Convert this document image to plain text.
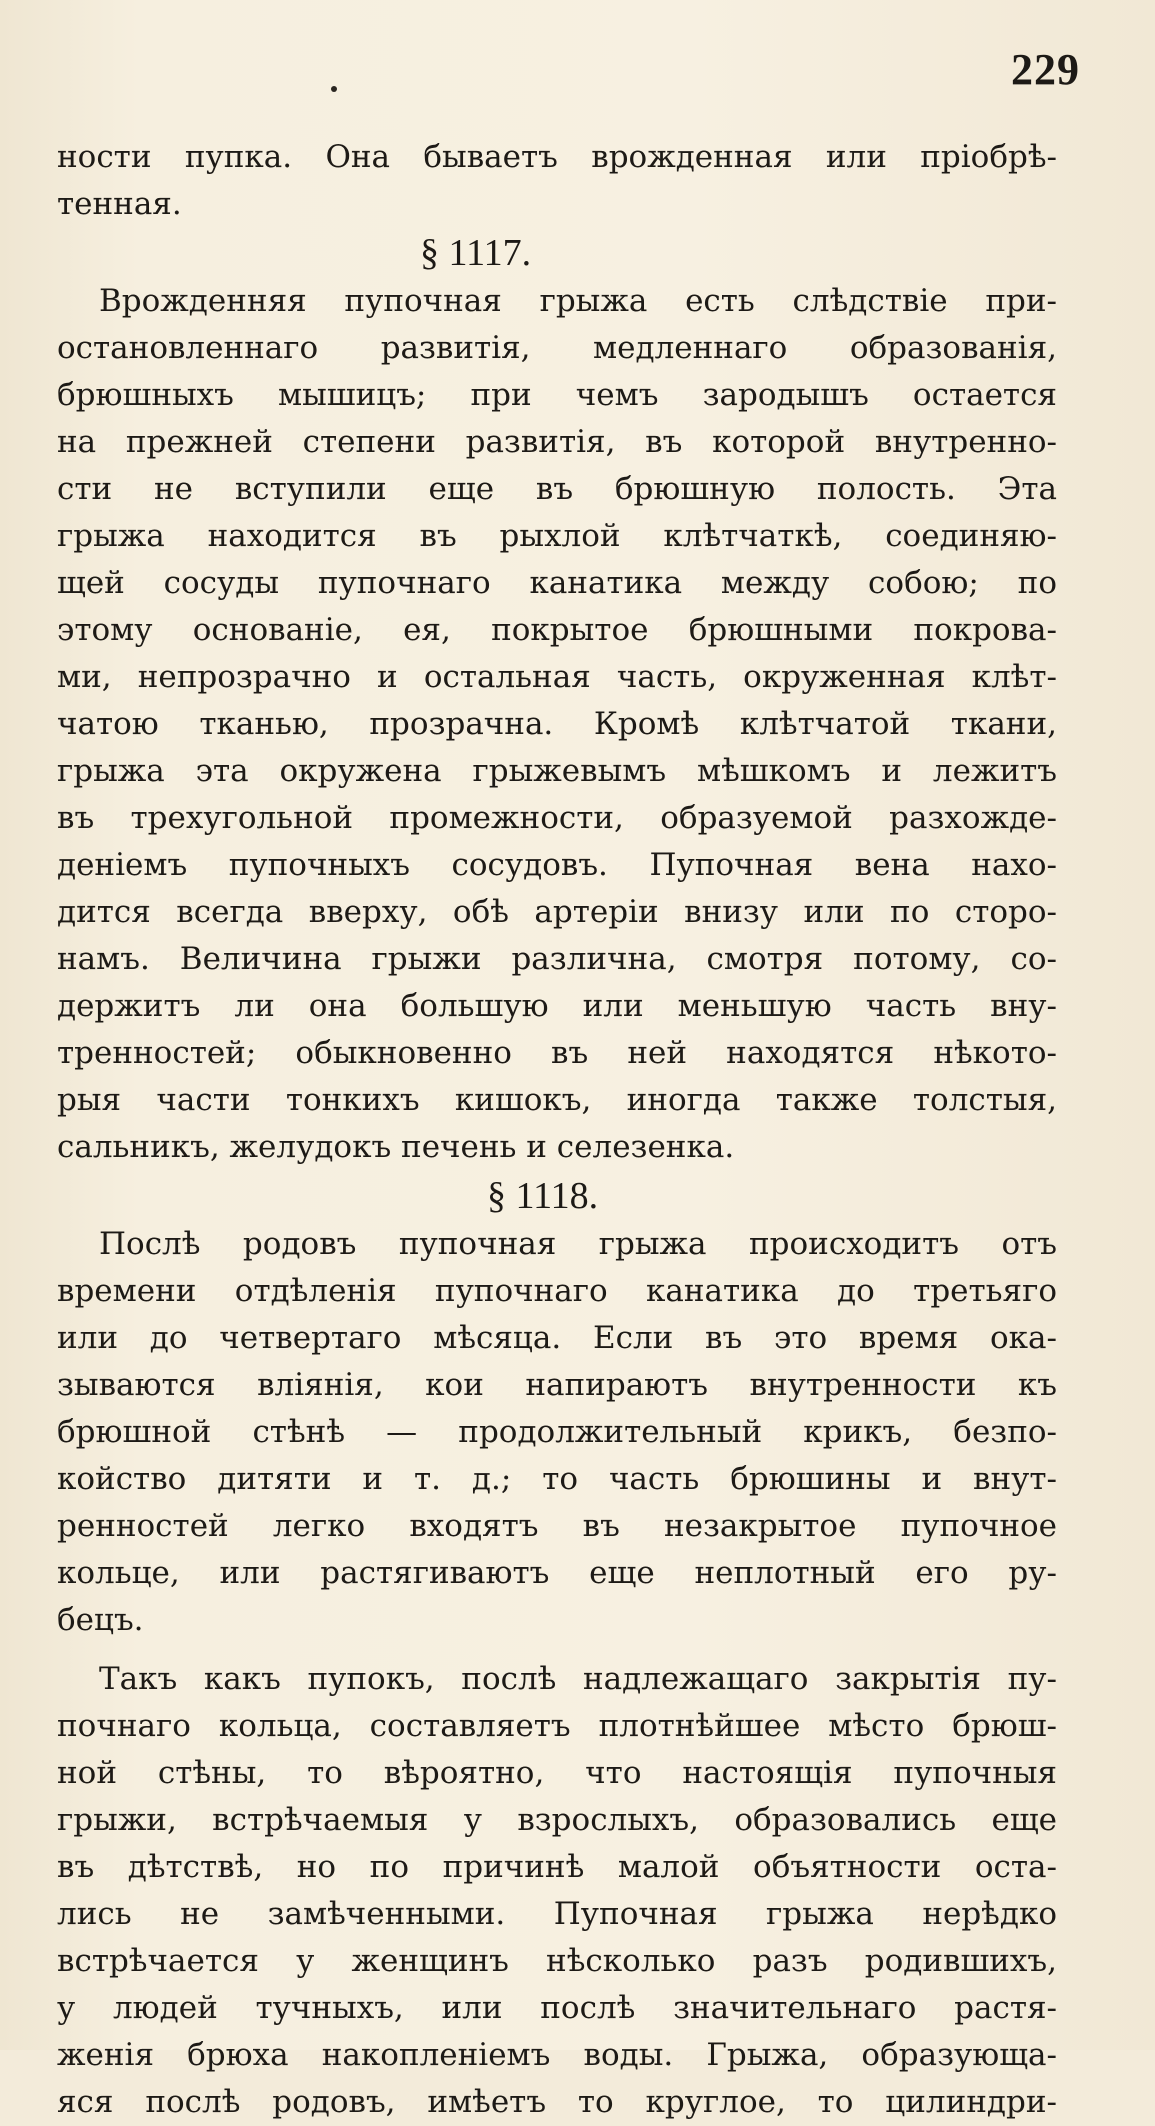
229
ности пупка. Она бываетъ врожденная или прiобрѣ-
тенная.
§ 1117.
Врожденняя пупочная грыжа есть слѣдствiе при-
остановленнаго развитiя, медленнаго образованiя,
брюшныхъ мышицъ; при чемъ зародышъ остается
на прежней степени развитiя, въ которой внутренно-
сти не вступили еще въ брюшную полость. Эта
грыжа находится въ рыхлой клѣтчаткѣ, соединяю-
щей сосуды пупочнаго канатика между собою; по
этому основанiе, ея, покрытое брюшными покрова-
ми, непрозрачно и остальная часть, окруженная клѣт-
чатою тканью, прозрачна. Кромѣ клѣтчатой ткани,
грыжа эта окружена грыжевымъ мѣшкомъ и лежитъ
въ трехугольной промежности, образуемой разхожде-
денiемъ пупочныхъ сосудовъ. Пупочная вена нахо-
дится всегда вверху, обѣ артерiи внизу или по сторо-
намъ. Величина грыжи различна, смотря потому, со-
держитъ ли она большую или меньшую часть вну-
тренностей; обыкновенно въ ней находятся нѣкото-
рыя части тонкихъ кишокъ, иногда также толстыя,
сальникъ, желудокъ печень и селезенка.
§ 1118.
Послѣ родовъ пупочная грыжа происходитъ отъ
времени отдѣленiя пупочнаго канатика до третьяго
или до четвертаго мѣсяца. Если въ это время ока-
зываются влiянiя, кои напираютъ внутренности къ
брюшной стѣнѣ — продолжительный крикъ, безпо-
койство дитяти и т. д.; то часть брюшины и внут-
ренностей легко входятъ въ незакрытое пупочное
кольце, или растягиваютъ еще неплотный его ру-
бецъ.
Такъ какъ пупокъ, послѣ надлежащаго закрытiя пу-
почнаго кольца, составляетъ плотнѣйшее мѣсто брюш-
ной стѣны, то вѣроятно, что настоящiя пупочныя
грыжи, встрѣчаемыя у взрослыхъ, образовались еще
въ дѣтствѣ, но по причинѣ малой объятности оста-
лись не замѣченными. Пупочная грыжа нерѣдко
встрѣчается у женщинъ нѣсколько разъ родившихъ,
у людей тучныхъ, или послѣ значительнаго растя-
женiя брюха накопленiемъ воды. Грыжа, образующа-
яся послѣ родовъ, имѣетъ то круглое, то цилиндри-
